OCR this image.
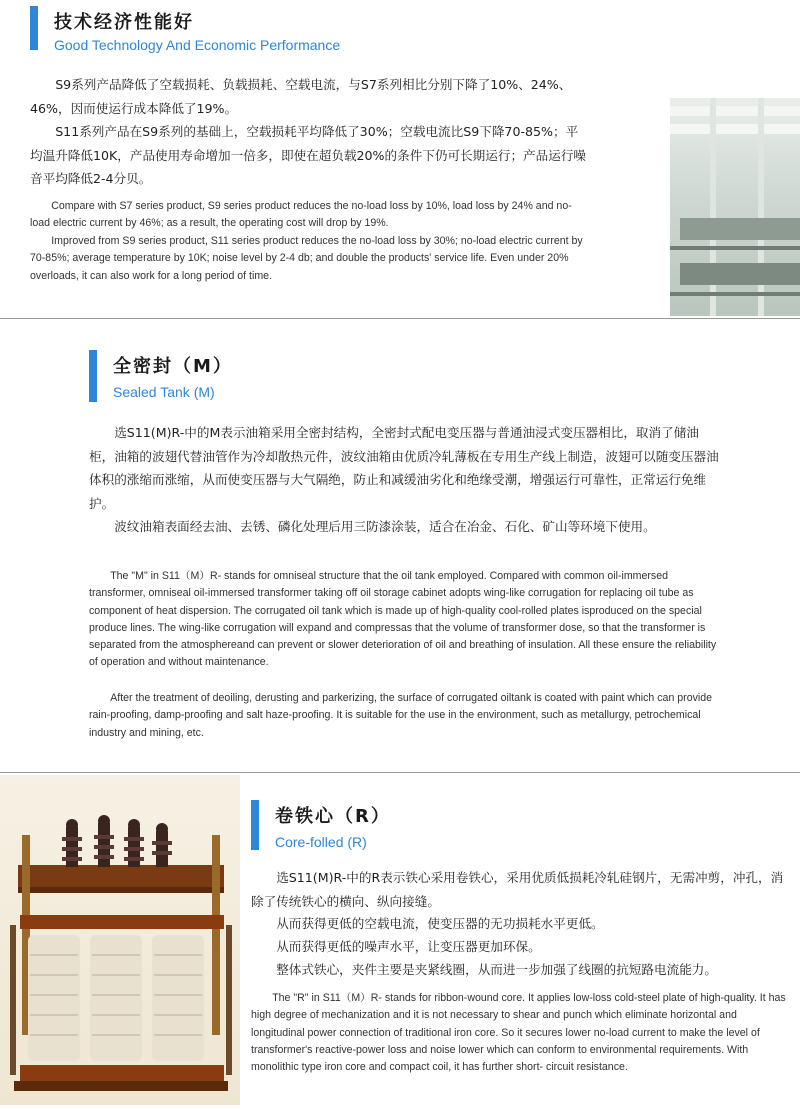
技术经济性能好
Good Technology And Economic Performance

S9系列产品降低了空载损耗、负载损耗、空载电流，与S7系列相比分别下降了10%、24%、46%，因而使运行成本降低了19%。

S11系列产品在S9系列的基础上，空载损耗平均降低了30%；空载电流比S9下降70-85%；平均温升降低10K，产品使用寿命增加一倍多，即使在超负载20%的条件下仍可长期运行；产品运行噪音平均降低2-4分贝。

Compare with S7 series product, S9 series product reduces the no-load loss by 10%, load loss by 24% and no- load electric current by 46%; as a result, the operating cost will drop by 19%.

Improved from S9 series product, S11 series product reduces the no-load loss by 30%; no-load electric current by 70-85%; average temperature by 10K; noise level by 2-4 db; and double the products' service life. Even under 20% overloads, it can also work for a long period of time.

全密封（M）
Sealed Tank (M)

选S11(M)R-中的M表示油箱采用全密封结构，全密封式配电变压器与普通油浸式变压器相比，取消了储油柜，油箱的波翅代替油管作为冷却散热元件，波纹油箱由优质冷轧薄板在专用生产线上制造，波翅可以随变压器油体积的涨缩而涨缩，从而使变压器与大气隔绝，防止和减缓油劣化和绝缘受潮，增强运行可靠性，正常运行免维护。

波纹油箱表面经去油、去锈、磷化处理后用三防漆涂装，适合在冶金、石化、矿山等环境下使用。

The "M" in S11（M）R- stands for omniseal structure that the oil tank employed. Compared with common oil-immersed transformer, omniseal oil-immersed transformer taking off oil storage cabinet adopts wing-like corrugation for replacing oil tube as component of heat dispersion. The corrugated oil tank which is made up of high-quality cool-rolled plates isproduced on the special produce lines. The wing-like corrugation will expand and compressas that the volume of transformer dose, so that the transformer is separated from the atmosphereand can prevent or slower deterioration of oil and breathing of insulation. All these ensure the reliability of operation and without maintenance.

After the treatment of deoiling, derusting and parkerizing, the surface of corrugated oiltank is coated with paint which can provide rain-proofing, damp-proofing and salt haze-proofing. It is suitable for the use in the environment, such as metallurgy, petrochemical industry and mining, etc.

卷铁心（R）
Core-folled (R)

选S11(M)R-中的R表示铁心采用卷铁心，采用优质低损耗冷轧硅钢片，无需冲剪，冲孔，消除了传统铁心的横向、纵向接缝。

从而获得更低的空载电流，使变压器的无功损耗水平更低。

从而获得更低的噪声水平，让变压器更加环保。

整体式铁心，夹件主要是夹紧线圈，从而进一步加强了线圈的抗短路电流能力。

The "R" in S11（M）R- stands for ribbon-wound core. It applies low-loss cold-steel plate of high-quality. It has high degree of mechanization and it is not necessary to shear and punch which eliminate horizontal and longitudinal power connection of traditional iron core. So it secures lower no-load current to make the level of transformer's reactive-power loss and noise lower which can conform to environmental requirements. With monolithic type iron core and compact coil, it has further short- circuit resistance.
